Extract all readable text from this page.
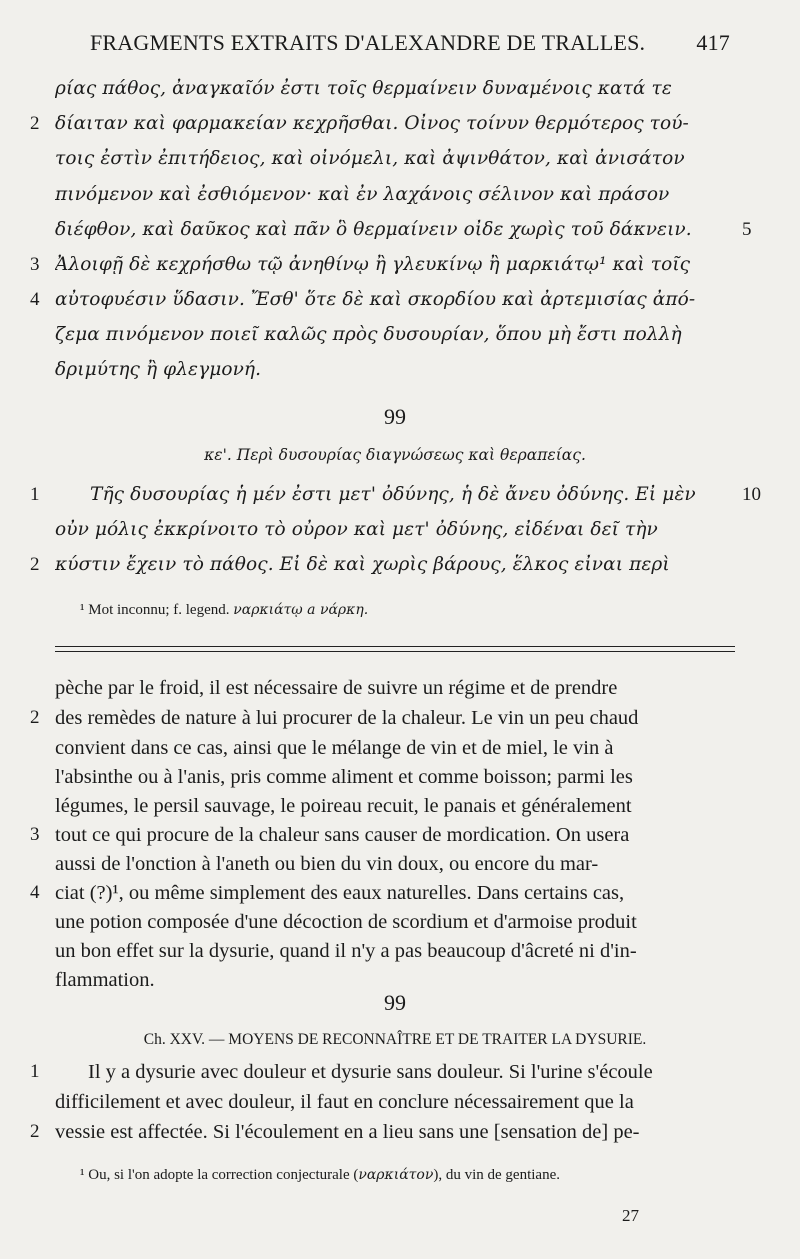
FRAGMENTS EXTRAITS D'ALEXANDRE DE TRALLES. 417
ρίας πάθος, ἀναγκαῖόν ἐστι τοῖς θερμαίνειν δυναμένοις κατά τε
2 δίαιταν καὶ φαρμακείαν κεχρῆσθαι. Οἶνος τοίνυν θερμότερος τού-
τοις ἐστὶν ἐπιτήδειος, καὶ οἰνόμελι, καὶ ἀψινθάτον, καὶ ἀνισάτον
πινόμενον καὶ ἐσθιόμενον· καὶ ἐν λαχάνοις σέλινον καὶ πράσον
διέφθον, καὶ δαῦκος καὶ πᾶν ὃ θερμαίνειν οἶδε χωρὶς τοῦ δάκνειν.	5
3 Ἀλοιφῇ δὲ κεχρήσθω τῷ ἀνηθίνῳ ἢ γλευκίνῳ ἢ μαρκιάτῳ¹ καὶ τοῖς
4 αὐτοφυέσιν ὕδασιν. Ἔσθ' ὅτε δὲ καὶ σκορδίου καὶ ἀρτεμισίας ἀπό-
ζεμα πινόμενον ποιεῖ καλῶς πρὸς δυσουρίαν, ὅπου μὴ ἔστι πολλὴ
δριμύτης ἢ φλεγμονή.
99
κε'. Περὶ δυσουρίας διαγνώσεως καὶ θεραπείας.
1	Τῆς δυσουρίας ἡ μέν ἐστι μετ' ὀδύνης, ἡ δὲ ἄνευ ὀδύνης. Εἰ μὲν	10
οὖν μόλις ἐκκρίνοιτο τὸ οὖρον καὶ μετ' ὀδύνης, εἰδέναι δεῖ τὴν
2 κύστιν ἔχειν τὸ πάθος. Εἰ δὲ καὶ χωρὶς βάρους, ἕλκος εἶναι περὶ
¹ Mot inconnu; f. legend. ναρκιάτῳ a νάρκη.
pèche par le froid, il est nécessaire de suivre un régime et de prendre
2 des remèdes de nature à lui procurer de la chaleur. Le vin un peu chaud
convient dans ce cas, ainsi que le mélange de vin et de miel, le vin à
l'absinthe ou à l'anis, pris comme aliment et comme boisson; parmi les
légumes, le persil sauvage, le poireau recuit, le panais et généralement
3 tout ce qui procure de la chaleur sans causer de mordication. On usera
aussi de l'onction à l'aneth ou bien du vin doux, ou encore du mar-
4 ciat (?)¹, ou même simplement des eaux naturelles. Dans certains cas,
une potion composée d'une décoction de scordium et d'armoise produit
un bon effet sur la dysurie, quand il n'y a pas beaucoup d'âcreté ni d'in-
flammation.
99
Ch. XXV. — MOYENS DE RECONNAÎTRE ET DE TRAITER LA DYSURIE.
1 Il y a dysurie avec douleur et dysurie sans douleur. Si l'urine s'écoule
difficilement et avec douleur, il faut en conclure nécessairement que la
2 vessie est affectée. Si l'écoulement en a lieu sans une [sensation de] pe-
¹ Ou, si l'on adopte la correction conjecturale (ναρκιάτον), du vin de gentiane.
27
